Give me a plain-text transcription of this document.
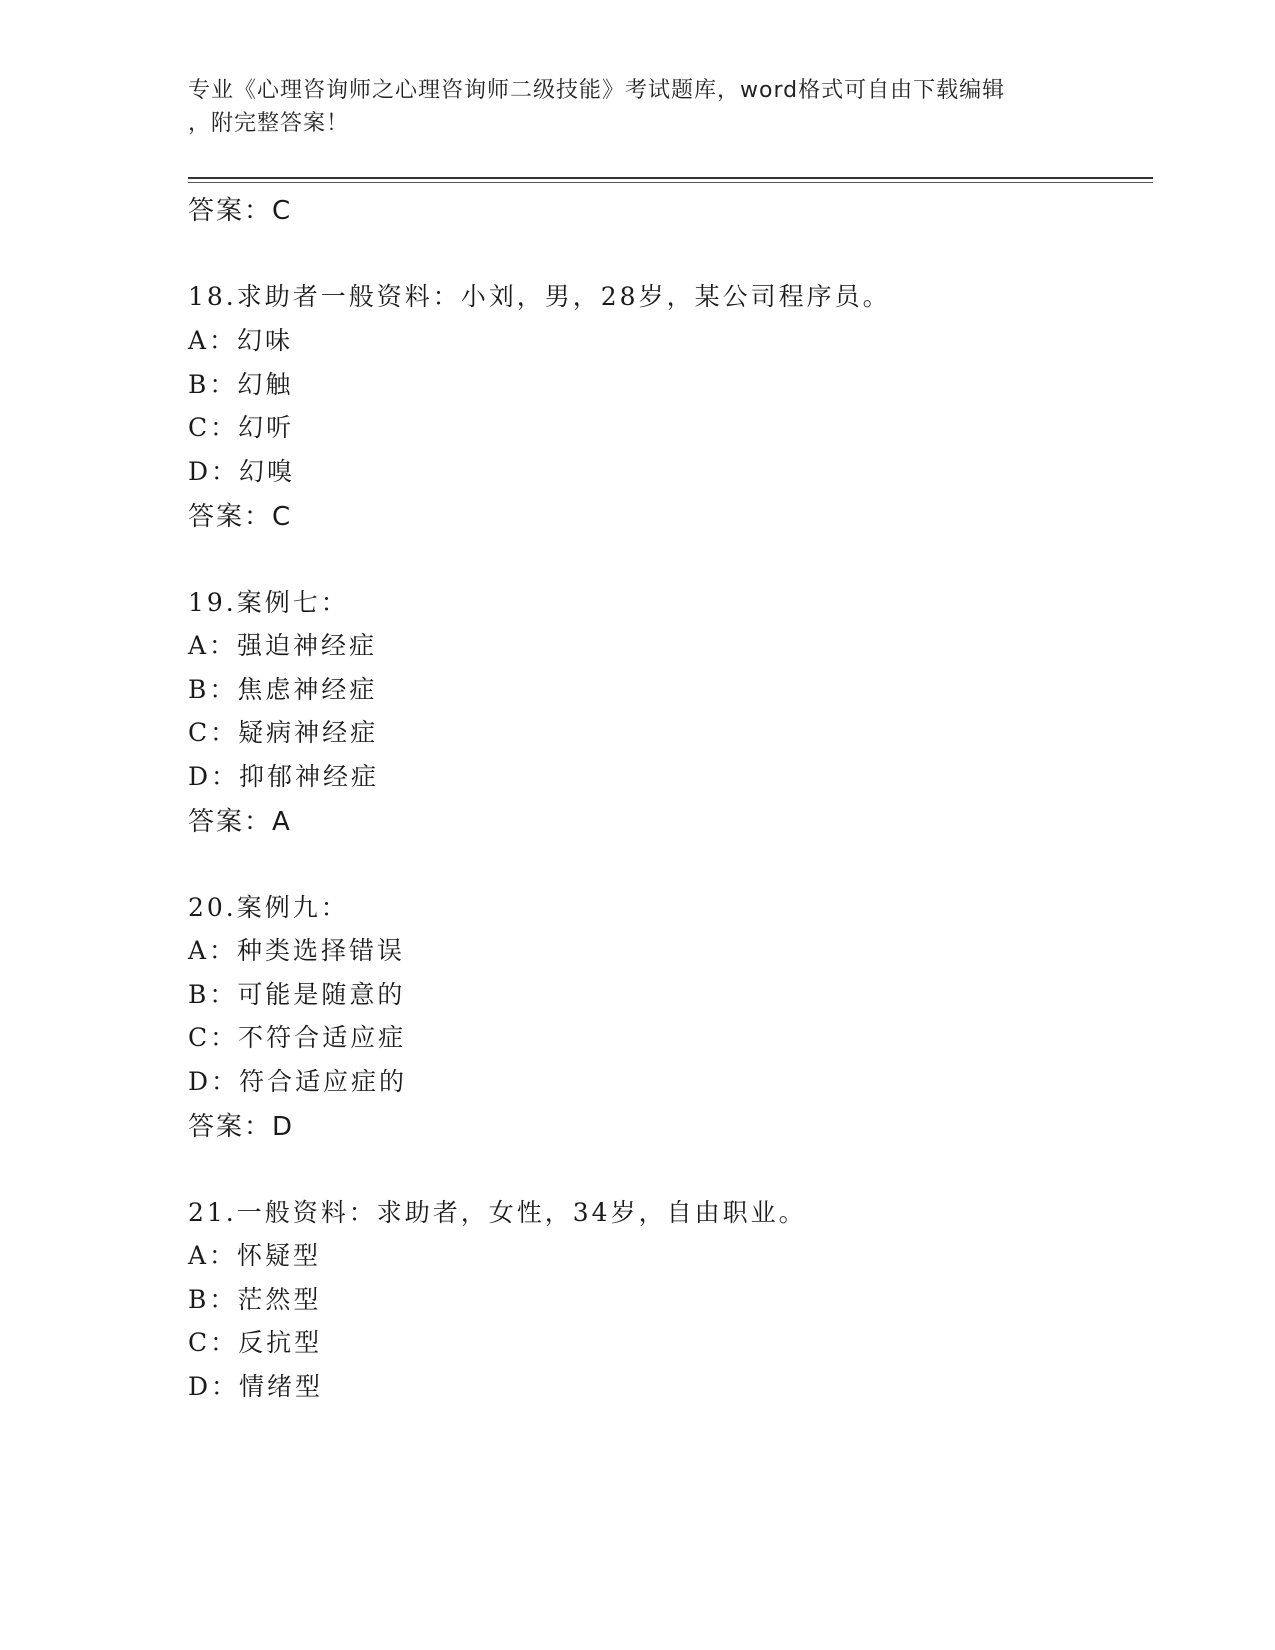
专业《心理咨询师之心理咨询师二级技能》考试题库，word格式可自由下载编辑
，附完整答案！
答案：C
18.求助者一般资料：小刘，男，28岁，某公司程序员。
A：幻味
B：幻触
C：幻听
D：幻嗅
答案：C
19.案例七：
A：强迫神经症
B：焦虑神经症
C：疑病神经症
D：抑郁神经症
答案：A
20.案例九：
A：种类选择错误
B：可能是随意的
C：不符合适应症
D：符合适应症的
答案：D
21.一般资料：求助者，女性，34岁，自由职业。
A：怀疑型
B：茫然型
C：反抗型
D：情绪型
